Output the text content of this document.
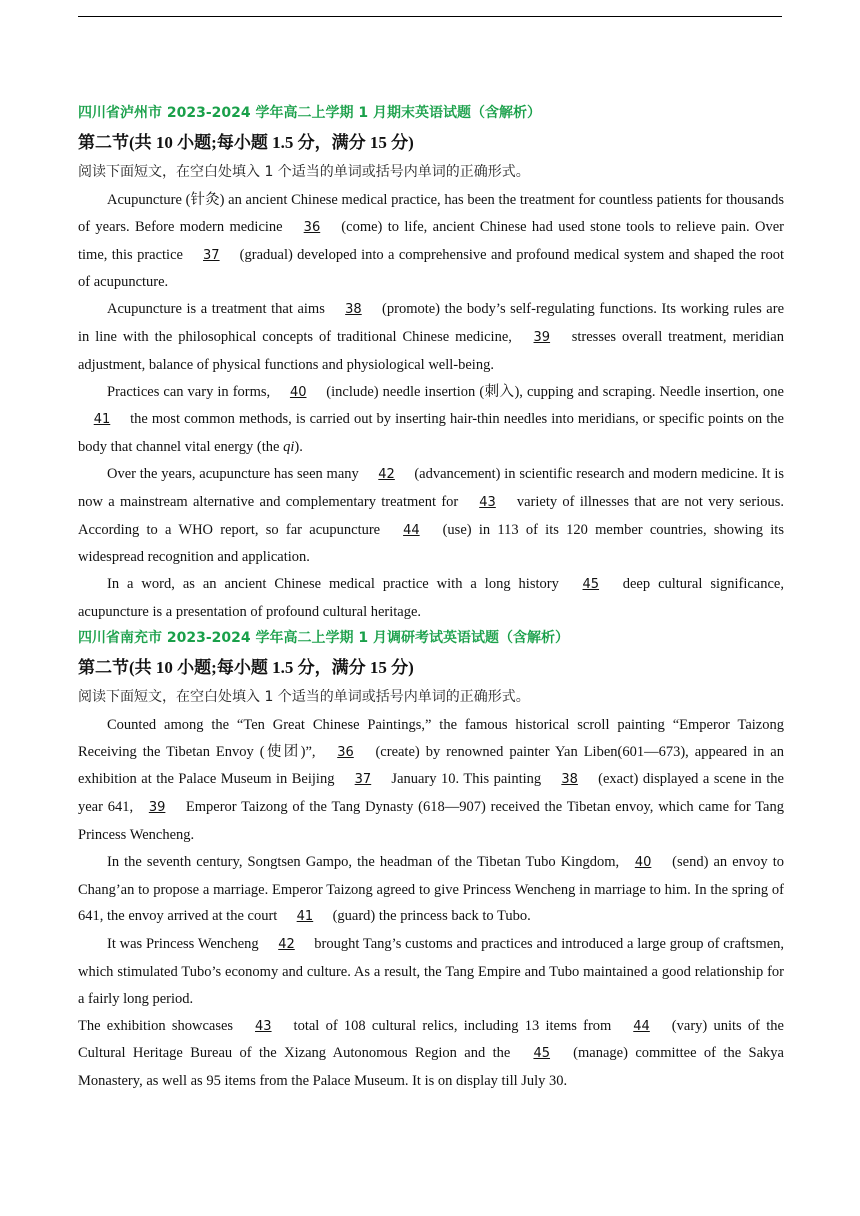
四川省泸州市 2023-2024 学年高二上学期 1 月期末英语试题（含解析）
第二节(共 10 小题;每小题 1.5 分，满分 15 分)
阅读下面短文，在空白处填入 1 个适当的单词或括号内单词的正确形式。

Acupuncture (针灸) an ancient Chinese medical practice, has been the treatment for countless patients for thousands of years. Before modern medicine 36 (come) to life, ancient Chinese had used stone tools to relieve pain. Over time, this practice 37 (gradual) developed into a comprehensive and profound medical system and shaped the root of acupuncture.

Acupuncture is a treatment that aims 38 (promote) the body’s self-regulating functions. Its working rules are in line with the philosophical concepts of traditional Chinese medicine, 39 stresses overall treatment, meridian adjustment, balance of physical functions and physiological well-being.

Practices can vary in forms, 40 (include) needle insertion (刺入), cupping and scraping. Needle insertion, one 41 the most common methods, is carried out by inserting hair-thin needles into meridians, or specific points on the body that channel vital energy (the qi).

Over the years, acupuncture has seen many 42 (advancement) in scientific research and modern medicine. It is now a mainstream alternative and complementary treatment for 43 variety of illnesses that are not very serious. According to a WHO report, so far acupuncture 44 (use) in 113 of its 120 member countries, showing its widespread recognition and application.

In a word, as an ancient Chinese medical practice with a long history 45 deep cultural significance, acupuncture is a presentation of profound cultural heritage.

四川省南充市 2023-2024 学年高二上学期 1 月调研考试英语试题（含解析）
第二节(共 10 小题;每小题 1.5 分，满分 15 分)
阅读下面短文，在空白处填入 1 个适当的单词或括号内单词的正确形式。

Counted among the “Ten Great Chinese Paintings,” the famous historical scroll painting “Emperor Taizong Receiving the Tibetan Envoy (使团)”, 36 (create) by renowned painter Yan Liben(601—673), appeared in an exhibition at the Palace Museum in Beijing 37 January 10. This painting 38 (exact) displayed a scene in the year 641, 39 Emperor Taizong of the Tang Dynasty (618—907) received the Tibetan envoy, which came for Tang Princess Wencheng.

In the seventh century, Songtsen Gampo, the headman of the Tibetan Tubo Kingdom, 40 (send) an envoy to Chang’an to propose a marriage. Emperor Taizong agreed to give Princess Wencheng in marriage to him. In the spring of 641, the envoy arrived at the court 41 (guard) the princess back to Tubo.

It was Princess Wencheng 42 brought Tang’s customs and practices and introduced a large group of craftsmen, which stimulated Tubo’s economy and culture. As a result, the Tang Empire and Tubo maintained a good relationship for a fairly long period.

The exhibition showcases 43 total of 108 cultural relics, including 13 items from 44 (vary) units of the Cultural Heritage Bureau of the Xizang Autonomous Region and the 45 (manage) committee of the Sakya Monastery, as well as 95 items from the Palace Museum. It is on display till July 30.
